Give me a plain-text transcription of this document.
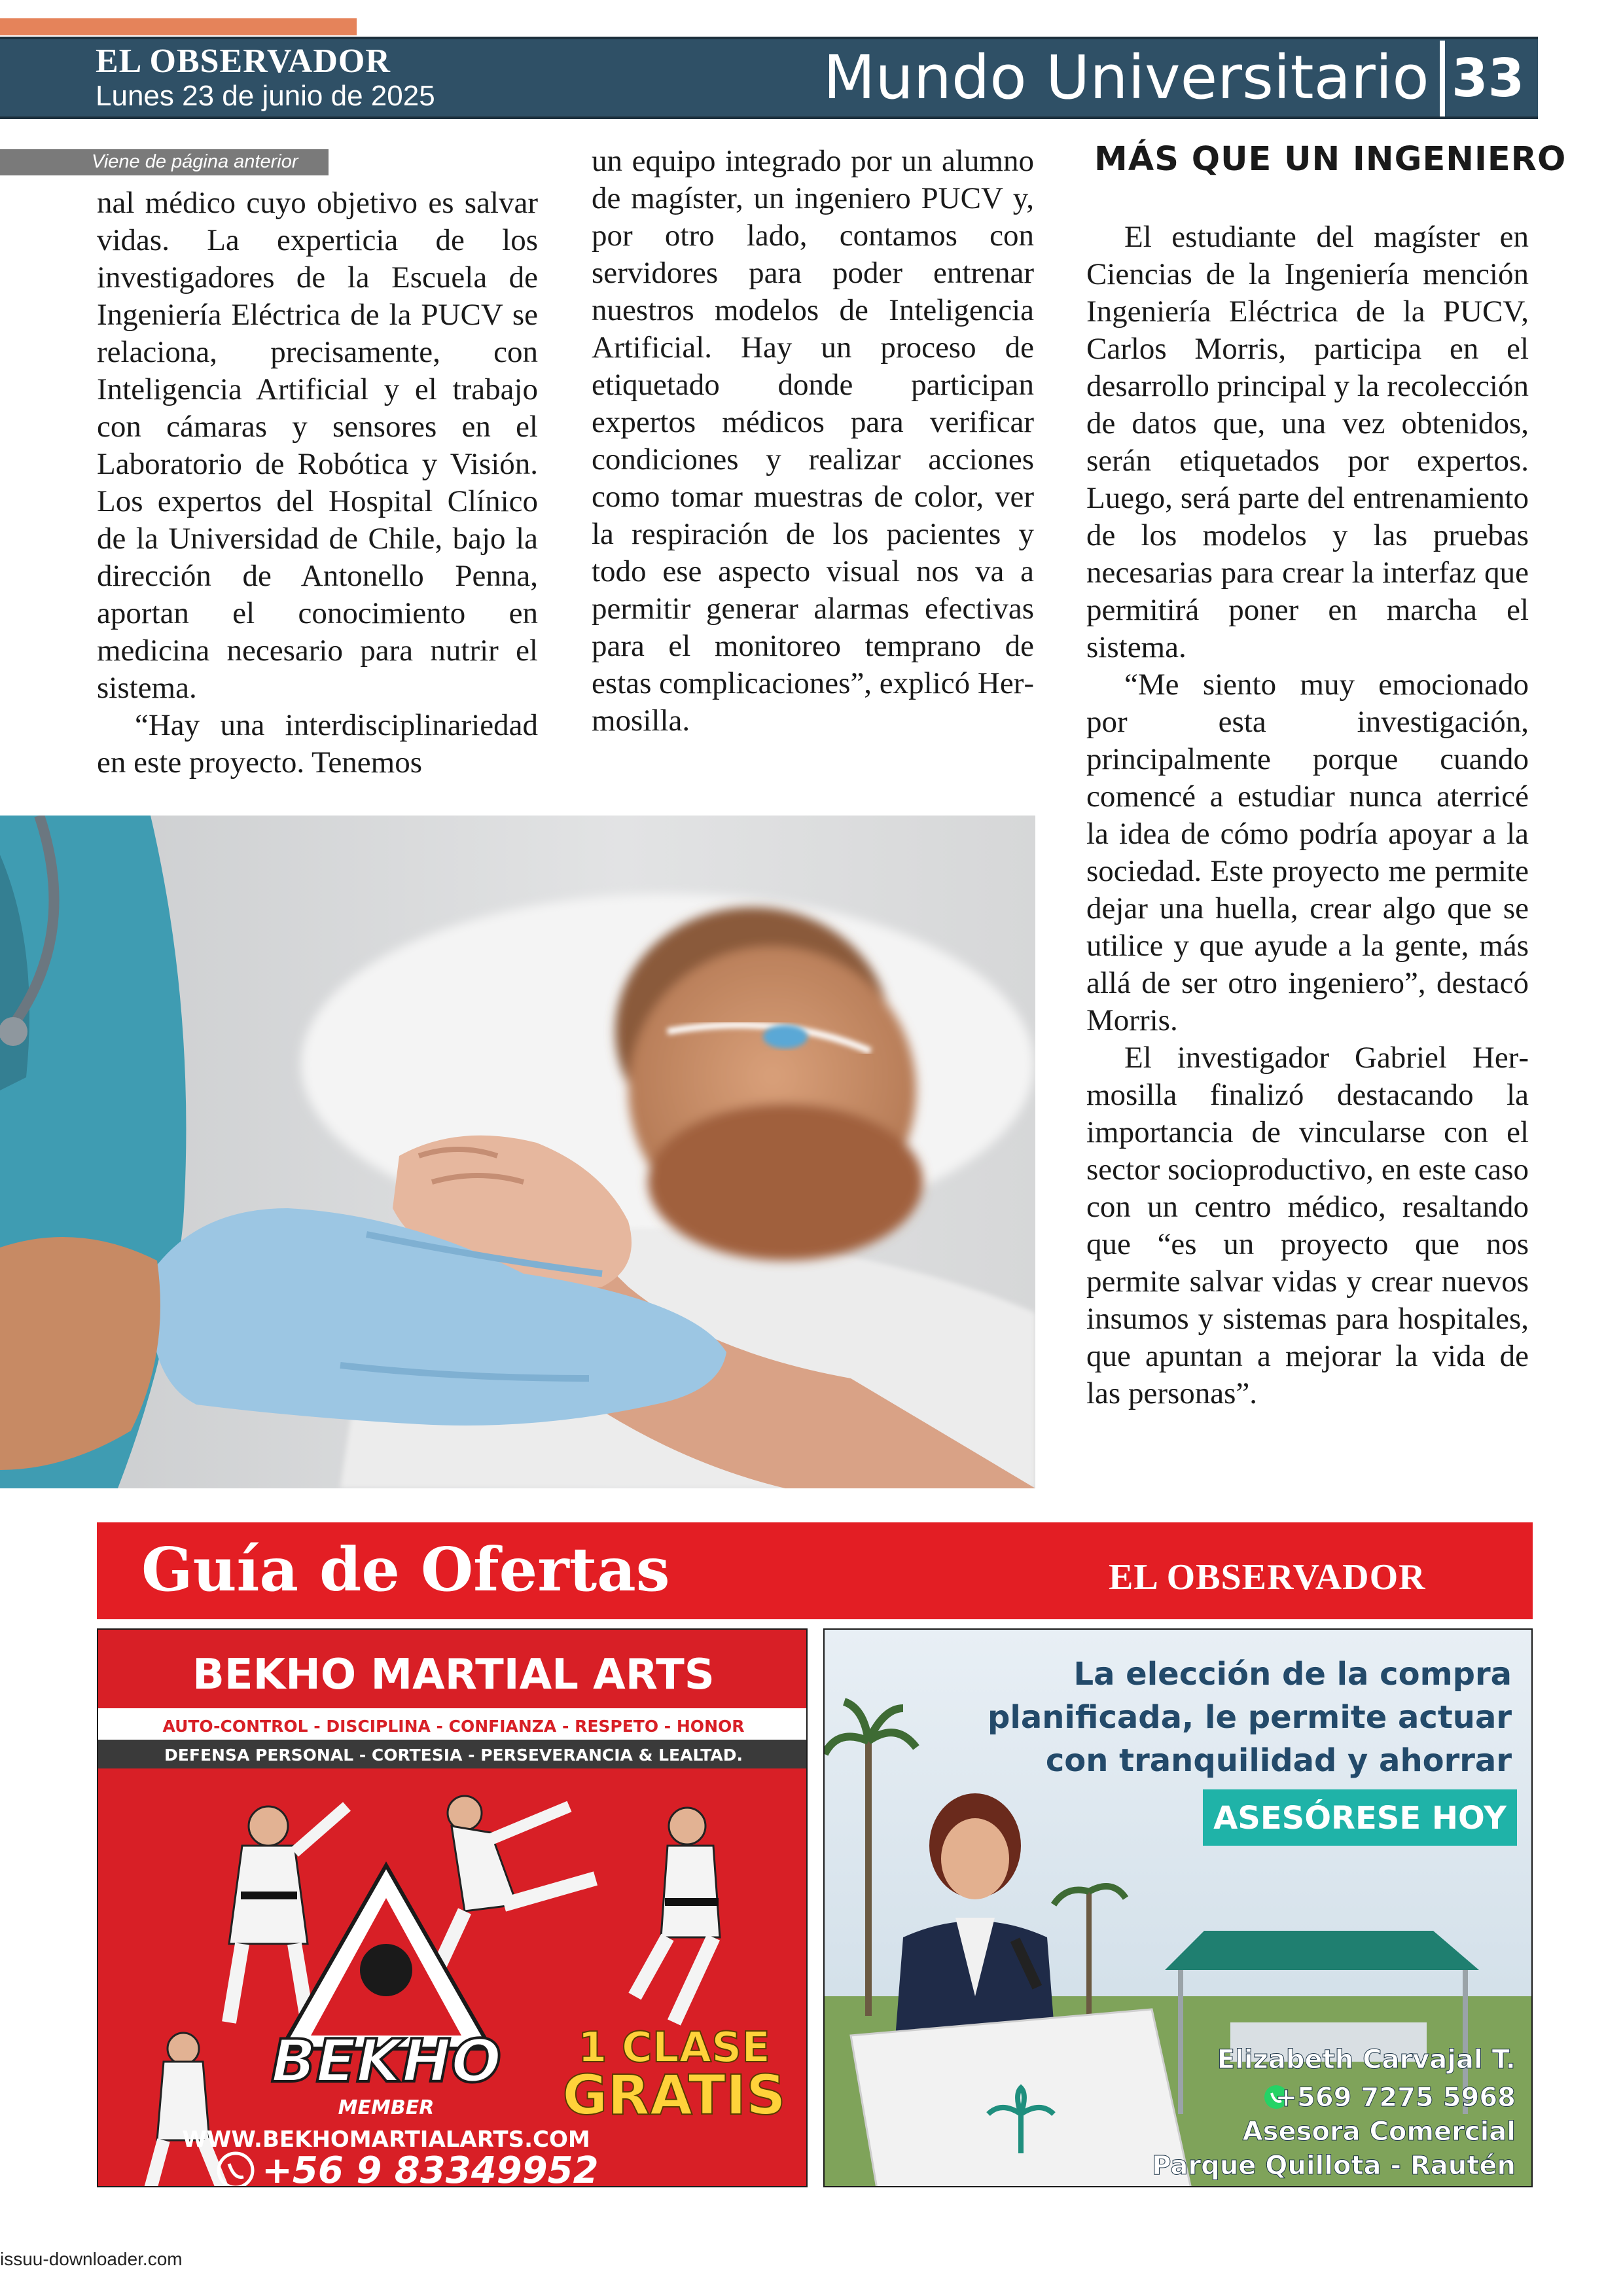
EL OBSERVADOR
Lunes 23 de junio de 2025	Mundo Universitario 33
Viene de página anterior

nal médico cuyo objetivo es salvar vidas. La experticia de los investigadores de la Escuela de Ingeniería Eléctrica de la PUCV se relaciona, precisamente, con Inteligencia Artificial y el trabajo con cámaras y sensores en el Laboratorio de Robótica y Visión. Los expertos del Hospital Clínico de la Universidad de Chile, bajo la dirección de Antonello Penna, aportan el conocimiento en medicina necesario para nutrir el sistema.

“Hay una interdisciplinariedad en este proyecto. Tenemos

un equipo integrado por un alumno de magíster, un ingeniero PUCV y, por otro lado, contamos con servidores para poder entrenar nuestros modelos de Inteligencia Artificial. Hay un proceso de etiquetado donde participan expertos médicos para verificar condiciones y realizar acciones como tomar muestras de color, ver la respiración de los pacientes y todo ese aspecto visual nos va a permitir generar alarmas efectivas para el monitoreo temprano de estas complicaciones”, explicó Hermosilla.

MÁS QUE UN INGENIERO

El estudiante del magíster en Ciencias de la Ingeniería mención Ingeniería Eléctrica de la PUCV, Carlos Morris, participa en el desarrollo principal y la recolección de datos que, una vez obtenidos, serán etiquetados por expertos. Luego, será parte del entrenamiento de los modelos y las pruebas necesarias para crear la interfaz que permitirá poner en marcha el sistema.

“Me siento muy emocionado por esta investigación, principalmente porque cuando comencé a estudiar nunca aterricé la idea de cómo podría apoyar a la sociedad. Este proyecto me permite dejar una huella, crear algo que se utilice y que ayude a la gente, más allá de ser otro ingeniero”, destacó Morris.

El investigador Gabriel Hermosilla finalizó destacando la importancia de vincularse con el sector socioproductivo, en este caso con un centro médico, resaltando que “es un proyecto que nos permite salvar vidas y crear nuevos insumos y sistemas para hospitales, que apuntan a mejorar la vida de las personas”.

Guía de Ofertas	EL OBSERVADOR
BEKHO MARTIAL ARTS
AUTO-CONTROL - DISCIPLINA - CONFIANZA - RESPETO - HONOR
DEFENSA PERSONAL - CORTESIA - PERSEVERANCIA & LEALTAD.
BEKHO
MEMBER
1 CLASE
GRATIS
WWW.BEKHOMARTIALARTS.COM
+56 9 83349952
La elección de la compra
planificada, le permite actuar
con tranquilidad y ahorrar
ASESÓRESE HOY
Elizabeth Carvajal T.
+569 7275 5968
Asesora Comercial
Parque Quillota - Rautén
issuu-downloader.com
